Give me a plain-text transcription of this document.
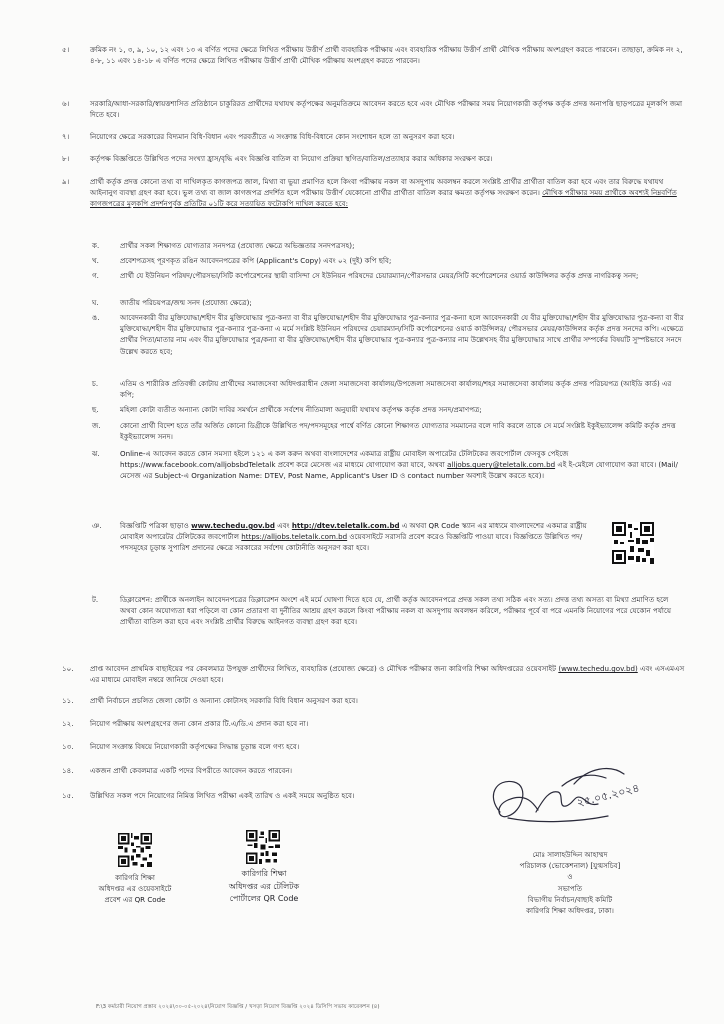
৫।	ক্রমিক নং ১, ৩, ৯, ১০, ১২ এবং ১৩ এ বর্ণিত পদের ক্ষেত্রে লিখিত পরীক্ষায় উত্তীর্ণ প্রার্থী ব্যবহারিক পরীক্ষায় এবং ব্যবহারিক পরীক্ষায় উত্তীর্ণ প্রার্থী মৌখিক পরীক্ষায় অংশগ্রহণ করতে পারবেন। তাছাড়া, ক্রমিক নং ২, ৪-৮, ১১ এবং ১৪-১৮ এ বর্ণিত পদের ক্ষেত্রে লিখিত পরীক্ষায় উত্তীর্ণ প্রার্থী মৌখিক পরীক্ষায় অংশগ্রহণ করতে পারবেন।

৬।	সরকারি/আধা-সরকারি/স্বায়ত্তশাসিত প্রতিষ্ঠানে চাকুরিরত প্রার্থীদের যথাযথ কর্তৃপক্ষের অনুমতিক্রমে আবেদন করতে হবে এবং মৌখিক পরীক্ষার সময় নিয়োগকারী কর্তৃপক্ষ কর্তৃক প্রদত্ত অনাপত্তি ছাড়পত্রের মূলকপি জমা দিতে হবে।

৭।	নিয়োগের ক্ষেত্রে সরকারের বিদ্যমান বিধি-বিধান এবং পরবর্তীতে এ সংক্রান্ত বিধি-বিধানে কোন সংশোধন হলে তা অনুসরণ করা হবে।

৮।	কর্তৃপক্ষ বিজ্ঞপ্তিতে উল্লিখিত পদের সংখ্যা হ্রাস/বৃদ্ধি এবং বিজ্ঞপ্তি বাতিল বা নিয়োগ প্রক্রিয়া স্থগিত/বাতিল/প্রত্যাহার করার অধিকার সংরক্ষণ করে।

৯।	প্রার্থী কর্তৃক প্রদত্ত কোনো তথ্য বা দাখিলকৃত কাগজপত্র জাল, মিথ্যা বা ভুয়া প্রমাণিত হলে কিংবা পরীক্ষায় নকল বা অসদুপায় অবলম্বন করলে সংশ্লিষ্ট প্রার্থীর প্রার্থীতা বাতিল করা হবে এবং তার বিরুদ্ধে যথাযথ আইনানুগ ব্যবস্থা গ্রহণ করা হবে। ভুল তথ্য বা জাল কাগজপত্র প্রদর্শিত হলে পরীক্ষায় উত্তীর্ণ যেকোনো প্রার্থীর প্রার্থীতা বাতিল করার ক্ষমতা কর্তৃপক্ষ সংরক্ষণ করেন। মৌখিক পরীক্ষার সময় প্রার্থীকে অবশ্যই নিম্নবর্ণিত কাগজপত্রের মূলকপি প্রদর্শনপূর্বক প্রতিটির ০১টি করে সত্যায়িত ফটোকপি দাখিল করতে হবে:

ক.	প্রার্থীর সকল শিক্ষাগত যোগ্যতার সনদপত্র (প্রযোজ্য ক্ষেত্রে অভিজ্ঞতার সনদপত্রসহ);

খ.	প্রবেশপত্রসহ পূরণকৃত রঙিন আবেদনপত্রের কপি (Applicant's Copy) এবং ০২ (দুই) কপি ছবি;

গ.	প্রার্থী যে ইউনিয়ন পরিষদ/পৌরসভা/সিটি কর্পোরেশনের স্থায়ী বাসিন্দা সে ইউনিয়ন পরিষদের চেয়ারম্যান/পৌরসভার মেয়র/সিটি কর্পোরেশনের ওয়ার্ড কাউন্সিলর কর্তৃক প্রদত্ত নাগরিকত্ব সনদ;

ঘ.	জাতীয় পরিচয়পত্র/জন্ম সনদ (প্রযোজ্য ক্ষেত্রে);

ঙ.	আবেদনকারী বীর মুক্তিযোদ্ধা/শহীদ বীর মুক্তিযোদ্ধার পুত্র-কন্যা বা বীর মুক্তিযোদ্ধা/শহীদ বীর মুক্তিযোদ্ধার পুত্র-কন্যার পুত্র-কন্যা হলে আবেদনকারী যে বীর মুক্তিযোদ্ধা/শহীদ বীর মুক্তিযোদ্ধার পুত্র-কন্যা বা বীর মুক্তিযোদ্ধা/শহীদ বীর মুক্তিযোদ্ধার পুত্র-কন্যার পুত্র-কন্যা এ মর্মে সংশ্লিষ্ট ইউনিয়ন পরিষদের চেয়ারম্যান/সিটি কর্পোরেশনের ওয়ার্ড কাউন্সিলর/ পৌরসভার মেয়র/কাউন্সিলর কর্তৃক প্রদত্ত সনদের কপি। এক্ষেত্রে প্রার্থীর পিতা/মাতার নাম এবং বীর মুক্তিযোদ্ধার পুত্র/কন্যা বা বীর মুক্তিযোদ্ধা/শহীদ বীর মুক্তিযোদ্ধার পুত্র-কন্যার পুত্র-কন্যার নাম উল্লেখসহ বীর মুক্তিযোদ্ধার সাথে প্রার্থীর সম্পর্কের বিষয়টি সুস্পষ্টভাবে সনদে উল্লেখ করতে হবে;

চ.	এতিম ও শারীরিক প্রতিবন্ধী কোটায় প্রার্থীদের সমাজসেবা অধিদপ্তরাধীন জেলা সমাজসেবা কার্যালয়/উপজেলা সমাজসেবা কার্যালয়/শহর সমাজসেবা কার্যালয় কর্তৃক প্রদত্ত পরিচয়পত্র (আইডি কার্ড) এর কপি;

ছ.	মহিলা কোটা ব্যতীত অন্যান্য কোটা দাবির সমর্থনে প্রার্থীকে সর্বশেষ নীতিমালা অনুযায়ী যথাযথ কর্তৃপক্ষ কর্তৃক প্রদত্ত সনদ/প্রমাণপত্র;

জ.	কোনো প্রার্থী বিদেশ হতে তাঁর অর্জিত কোনো ডিগ্রীকে উল্লিখিত পদ/পদসমূহের পার্শ্বে বর্ণিত কোনো শিক্ষাগত যোগ্যতার সমমানের বলে দাবি করলে তাকে সে মর্মে সংশ্লিষ্ট ইকুইভ্যালেন্স কমিটি কর্তৃক প্রদত্ত ইকুইভ্যালেন্স সনদ।

ঝ.	Online-এ আবেদন করতে কোন সমস্যা হইলে ১২১ এ কল করুন অথবা বাংলাদেশের একমাত্র রাষ্ট্রীয় মোবাইল অপারেটর টেলিটকের জবপোর্টাল ফেসবুক পেইজে https://www.facebook.com/alljobsbdTeletalk প্রবেশ করে মেসেজ এর মাধ্যমে যোগাযোগ করা যাবে, অথবা alljobs.query@teletalk.com.bd এই ই-মেইলে যোগাযোগ করা যাবে। (Mail/মেসেজ এর Subject-এ Organization Name: DTEV, Post Name, Applicant's User ID ও contact number অবশ্যই উল্লেখ করতে হবে)।

ঞ.	বিজ্ঞপ্তিটি পত্রিকা ছাড়াও www.techedu.gov.bd এবং http://dtev.teletalk.com.bd এ অথবা QR Code স্ক্যান এর মাধ্যমে বাংলাদেশের একমাত্র রাষ্ট্রীয় মোবাইল অপারেটর টেলিটকের জবপোর্টাল https://alljobs.teletalk.com.bd ওয়েবসাইটে সরাসরি প্রবেশ করেও বিজ্ঞপ্তিটি পাওয়া যাবে। বিজ্ঞপ্তিতে উল্লিখিত পদ/পদসমূহের চূড়ান্ত সুপারিশ প্রদানের ক্ষেত্রে সরকারের সর্বশেষ কোটানীতি অনুসরণ করা হবে।

ট.	ডিক্লারেশন: প্রার্থীকে অনলাইন আবেদনপত্রের ডিক্লারেশন অংশে এই মর্মে ঘোষণা দিতে হবে যে, প্রার্থী কর্তৃক আবেদনপত্রে প্রদত্ত সকল তথ্য সঠিক এবং সত্য। প্রদত্ত তথ্য অসত্য বা মিথ্যা প্রমাণিত হলে অথবা কোন অযোগ্যতা ধরা পড়িলে বা কোন প্রতারণা বা দুর্নীতির আশ্রয় গ্রহণ করলে কিংবা পরীক্ষায় নকল বা অসদুপায় অবলম্বন করিলে, পরীক্ষার পূর্বে বা পরে এমনকি নিয়োগের পরে যেকোন পর্যায়ে প্রার্থীতা বাতিল করা হবে এবং সংশ্লিষ্ট প্রার্থীর বিরুদ্ধে আইনগত ব্যবস্থা গ্রহণ করা হবে।

১০.	প্রাপ্ত আবেদন প্রাথমিক বাছাইয়ের পর কেবলমাত্র উপযুক্ত প্রার্থীদের লিখিত, ব্যবহারিক (প্রযোজ্য ক্ষেত্রে) ও মৌখিক পরীক্ষার জন্য কারিগরি শিক্ষা অধিদপ্তরের ওয়েবসাইট (www.techedu.gov.bd) এবং এসএমএস এর মাধ্যমে মোবাইল নম্বরে জানিয়ে দেওয়া হবে।

১১.	প্রার্থী নির্বাচনে প্রচলিত জেলা কোটা ও অন্যান্য কোটাসহ সরকারি বিধি বিধান অনুসরণ করা হবে।

১২.	নিয়োগ পরীক্ষায় অংশগ্রহণের জন্য কোন প্রকার টি.এ/ডি.এ প্রদান করা হবে না।

১৩.	নিয়োগ সংক্রান্ত বিষয়ে নিয়োগকারী কর্তৃপক্ষের সিদ্ধান্ত চূড়ান্ত বলে গণ্য হবে।

১৪.	একজন প্রার্থী কেবলমাত্র একটি পদের বিপরীতে আবেদন করতে পারবেন।

১৫.	উল্লিখিত সকল পদে নিয়োগের নিমিত্ত লিখিত পরীক্ষা একই তারিখ ও একই সময়ে অনুষ্ঠিত হবে।

কারিগরি শিক্ষা

অধিদপ্তর এর ওয়েবসাইটে

প্রবেশ এর QR Code

কারিগরি শিক্ষা

অধিদপ্তর এর টেলিটক

পোর্টালের QR Code

২৫.০৫.২০২৪

মোঃ সালাহউদ্দিন আহাম্মদ

পরিচালক (ভোকেশনাল) [যুগ্মসচিব]

ও

সভাপতি

বিভাগীয় নির্বাচন/বাছাই কমিটি

কারিগরি শিক্ষা অধিদপ্তর, ঢাকা।

F:\3 কর্মচারী নিয়োগ প্রস্তাব ২০২৪\৩০-০৫-২০২৪\নিয়োগ বিজ্ঞপ্তি / খসড়া নিয়োগ বিজ্ঞপ্তি ২০২৪ ডিসিপি সভায় কারেকশন (৪)
